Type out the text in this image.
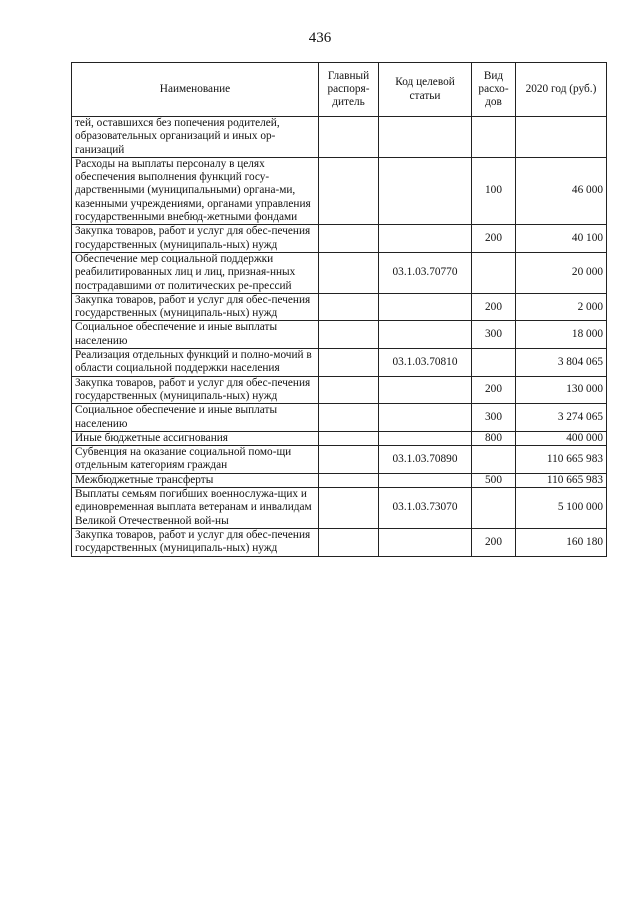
436
Наименование	Главный распоря-дитель	Код целевой статьи	Вид расхо-дов	2020 год (руб.)
тей, оставшихся без попечения родителей, образовательных организаций и иных ор-ганизаций				
Расходы на выплаты персоналу в целях обеспечения выполнения функций госу-дарственными (муниципальными) органа-ми, казенными учреждениями, органами управления государственными внебюд-жетными фондами			100	46 000
Закупка товаров, работ и услуг для обес-печения государственных (муниципаль-ных) нужд			200	40 100
Обеспечение мер социальной поддержки реабилитированных лиц и лиц, призная-нных пострадавшими от политических ре-прессий		03.1.03.70770		20 000
Закупка товаров, работ и услуг для обес-печения государственных (муниципаль-ных) нужд			200	2 000
Социальное обеспечение и иные выплаты населению			300	18 000
Реализация отдельных функций и полно-мочий в области социальной поддержки населения		03.1.03.70810		3 804 065
Закупка товаров, работ и услуг для обес-печения государственных (муниципаль-ных) нужд			200	130 000
Социальное обеспечение и иные выплаты населению			300	3 274 065
Иные бюджетные ассигнования			800	400 000
Субвенция на оказание социальной помо-щи отдельным категориям граждан		03.1.03.70890		110 665 983
Межбюджетные трансферты			500	110 665 983
Выплаты семьям погибших военнослужа-щих и единовременная выплата ветеранам и инвалидам Великой Отечественной вой-ны		03.1.03.73070		5 100 000
Закупка товаров, работ и услуг для обес-печения государственных (муниципаль-ных) нужд			200	160 180
